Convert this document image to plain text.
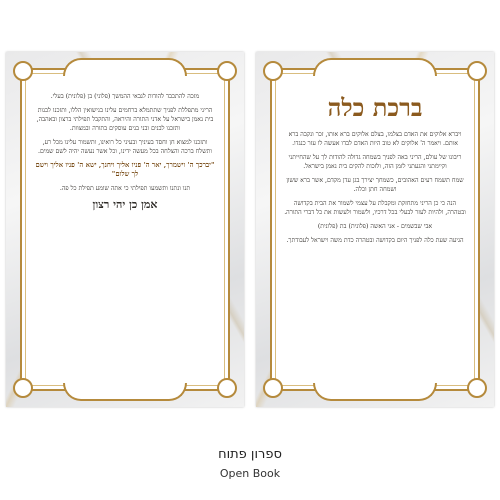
מזכה להתכבד להודות לגבאי ההמשך (פלוני) בן (פלונית) בעלי.

הריני מתפללת לפניך שתתמלא ברחמים עלינו בנישואין הללו, ותזכנו לבנות בית נאמן בישראל על אדני התורה והיראה, והתקבל תפילתי ברצון ובאהבה, ותזכנו לבנים ובני בנים עוסקים בתורה ובמצוות.

ותזכנו למצוא חן וחסד בעיניך ובעיני כל רואינו, ותשמור עלינו מכל רע, ותשלח ברכה והצלחה בכל מעשה ידינו, וכל אשר נעשה יהיה לשם שמים.

"יברכך ה' וישמרך, יאר ה' פניו אליך ויחנך, ישא ה' פניו אליך וישם לך שלום"

תנו ונתנו ותשמעו תפילתי כי אתה שומע תפילת כל פה.

אמן כן יהי רצון

ברכת כלה

ויברא אלוקים את האדם בצלמו, בצלם אלוקים ברא אותו, זכר ונקבה ברא אותם. ויאמר ה' אלוקים לא טוב היות האדם לבדו אעשה לו עזר כנגדו.

ריבונו של עולם, הריני באה לפניך בשמחה גדולה להודות לך על שהחייתני וקיימתני והגעתני לזמן הזה, ולזכות להקים בית נאמן בישראל.

שמח תשמח רעים האהובים, כשמחך יצירך בגן עדן מקדם, אשר ברא ששון ושמחה חתן וכלה.

הנה כי כן הריני מתחזקת ומקבלת על עצמי לשמור את הבית בקדושה ובטהרה, ולהיות לעזר לבעלי בכל דרכיו, ולשמור ולעשות את כל דברי התורה.

אבי שבשמים - אני האשה (פלונית) בת (פלונית)

הגיעה שעת כלה לפניך היום בקדושה ובטהרה כדת משה וישראל לעבודתך.

ספרון פתוח
Open Book
